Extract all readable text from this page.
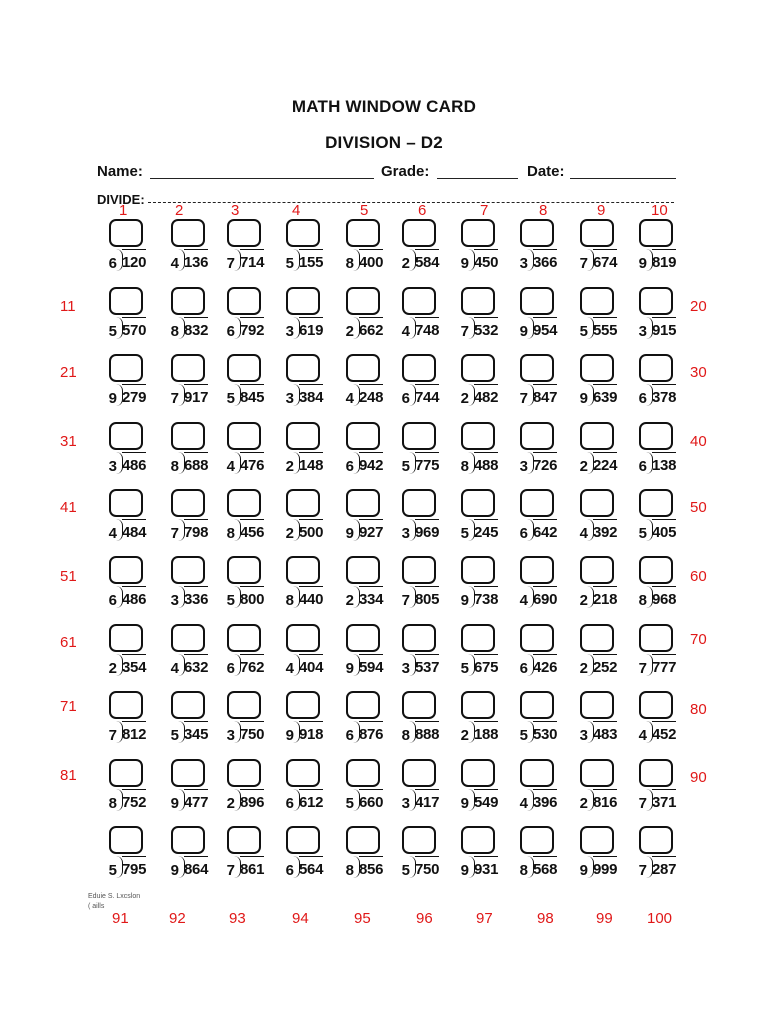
MATH WINDOW CARD
DIVISION – D2
Name:	Grade:	Date:
DIVIDE:
6 120	4 136	7 714	5 155	8 400	2 584	9 450	3 366	7 674	9 819
5 570	8 832	6 792	3 619	2 662	4 748	7 532	9 954	5 555	3 915
11	20
9 279	7 917	5 845	3 384	4 248	6 744	2 482	7 847	9 639	6 378
21	30
3 486	8 688	4 476	2 148	6 942	5 775	8 488	3 726	2 224	6 138
31	40
4 484	7 798	8 456	2 500	9 927	3 969	5 245	6 642	4 392	5 405
41	50
6 486	3 336	5 800	8 440	2 334	7 805	9 738	4 690	2 218	8 968
51	60
2 354	4 632	6 762	4 404	9 594	3 537	5 675	6 426	2 252	7 777
61	70
7 812	5 345	3 750	9 918	6 876	8 888	2 188	5 530	3 483	4 452
71	80
8 752	9 477	2 896	6 612	5 660	3 417	9 549	4 396	2 816	7 371
81	90
5 795	9 864	7 861	6 564	8 856	5 750	9 931	8 568	9 999	7 287
1	2	3	4	5	6	7	8	9	10
91	92	93	94	95	96	97	98	99 100
Eduie S. Lxcslon
( aills
